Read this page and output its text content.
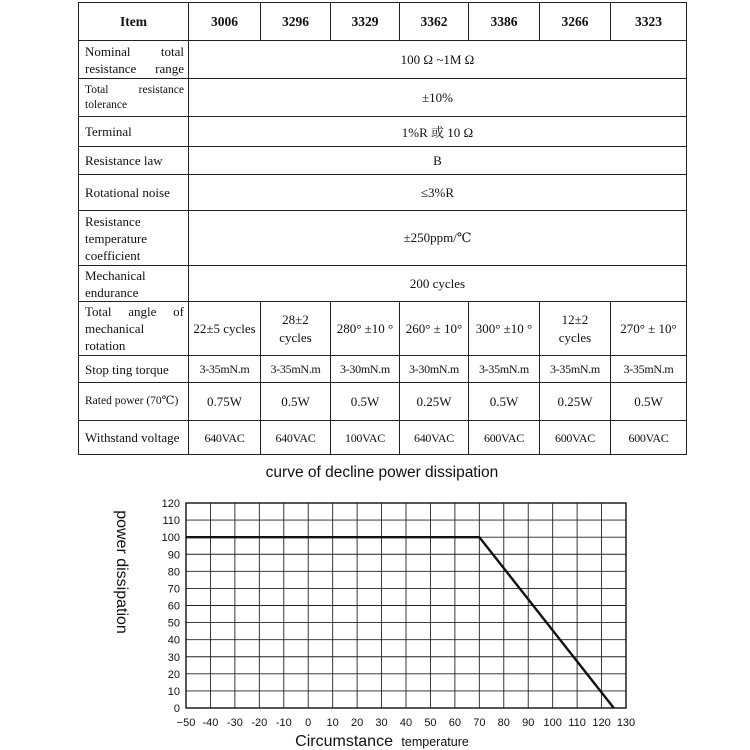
Item	3006	3296	3329	3362	3386	3266	3323
Nominal total resistance range	100 Ω ~1M Ω						
Total resistance tolerance	±10%						
Terminal	1%R 或 10 Ω						
Resistance law	B						
Rotational noise	≤3%R						
Resistance temperature coefficient	±250ppm/℃						
Mechanical endurance	200 cycles						
Total angle of mechanical rotation	22±5 cycles	28±2 cycles	280° ±10 °	260° ± 10°	300° ±10 °	12±2 cycles	270° ± 10°
Stop ting torque	3-35mN.m	3-35mN.m	3-30mN.m	3-30mN.m	3-35mN.m	3-35mN.m	3-35mN.m
Rated power (70℃)	0.75W	0.5W	0.5W	0.25W	0.5W	0.25W	0.5W
Withstand voltage	640VAC	640VAC	100VAC	640VAC	600VAC	600VAC	600VAC
curve of decline power dissipation
0
10
20
30
40
50
60
70
80
90
100
110
120
−50 -40 -30 -20 -10 0 10 20 30 40 50 60 70 80 90 100 110 120 130
power dissipation
Circumstance temperature
